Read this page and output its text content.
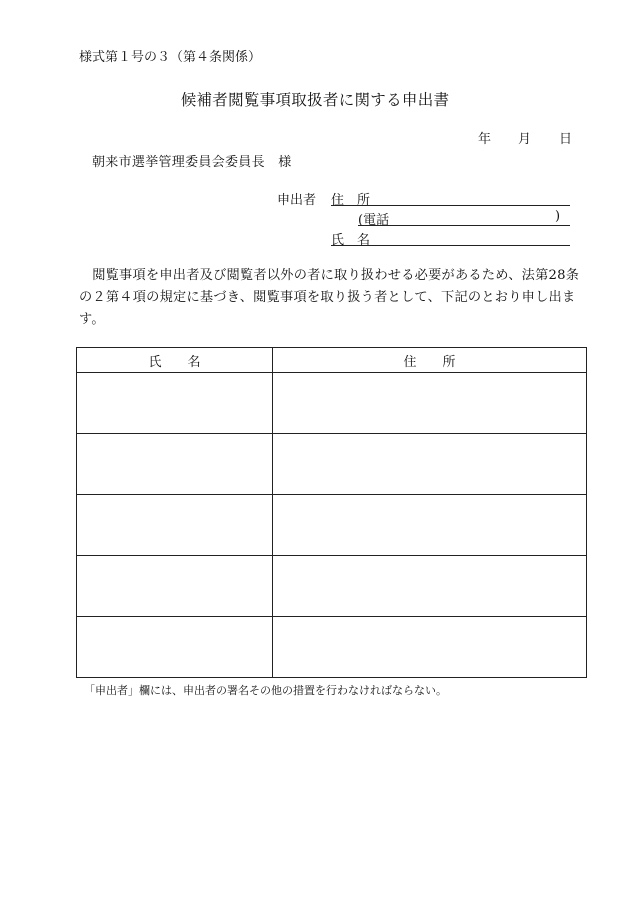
様式第１号の３（第４条関係）
候補者閲覧事項取扱者に関する申出書
年 月 日
朝来市選挙管理委員会委員長　様
申出者 住　所
(電話	)
氏　名
閲覧事項を申出者及び閲覧者以外の者に取り扱わせる必要があるため、法第28条の２第４項の規定に基づき、閲覧事項を取り扱う者として、下記のとおり申し出ます。
氏　　名	住　　所

「申出者」欄には、申出者の署名その他の措置を行わなければならない。
